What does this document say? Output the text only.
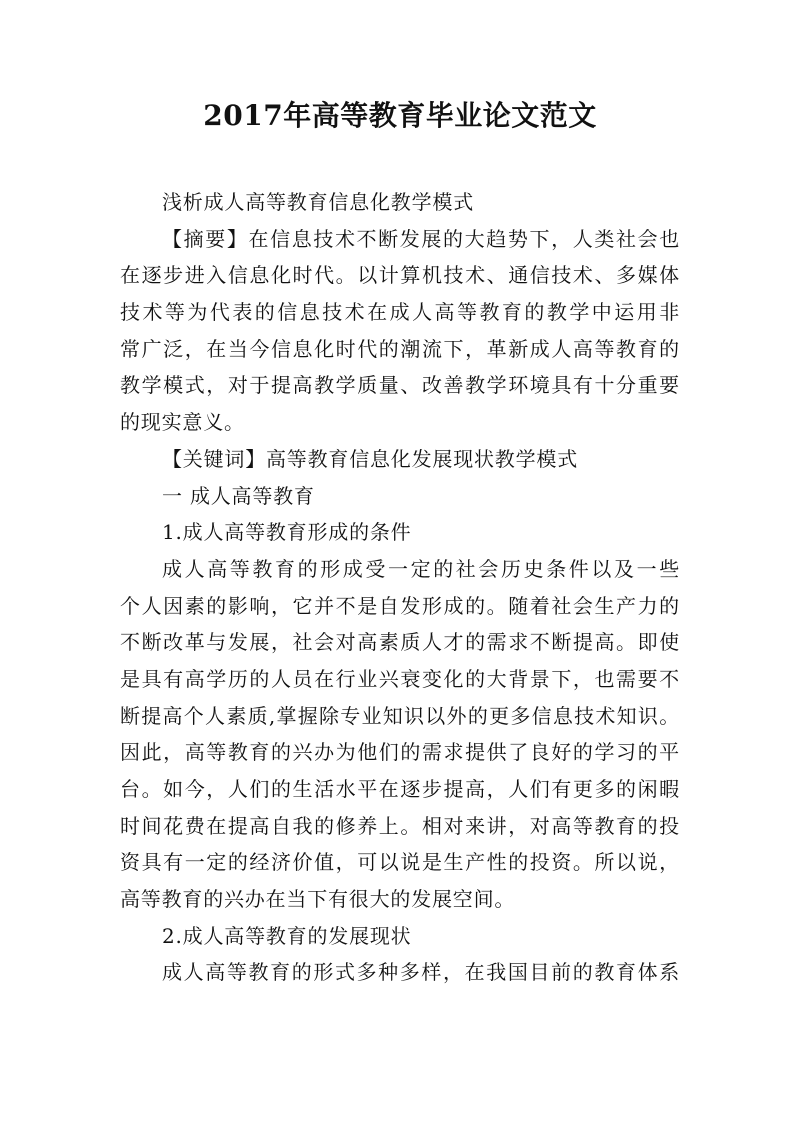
2017年高等教育毕业论文范文
浅析成人高等教育信息化教学模式
【摘要】在信息技术不断发展的大趋势下，人类社会也
在逐步进入信息化时代。以计算机技术、通信技术、多媒体
技术等为代表的信息技术在成人高等教育的教学中运用非
常广泛，在当今信息化时代的潮流下，革新成人高等教育的
教学模式，对于提高教学质量、改善教学环境具有十分重要
的现实意义。
【关键词】高等教育信息化发展现状教学模式
一 成人高等教育
1.成人高等教育形成的条件
成人高等教育的形成受一定的社会历史条件以及一些
个人因素的影响，它并不是自发形成的。随着社会生产力的
不断改革与发展，社会对高素质人才的需求不断提高。即使
是具有高学历的人员在行业兴衰变化的大背景下，也需要不
断提高个人素质,掌握除专业知识以外的更多信息技术知识。
因此，高等教育的兴办为他们的需求提供了良好的学习的平
台。如今，人们的生活水平在逐步提高，人们有更多的闲暇
时间花费在提高自我的修养上。相对来讲，对高等教育的投
资具有一定的经济价值，可以说是生产性的投资。所以说，
高等教育的兴办在当下有很大的发展空间。
2.成人高等教育的发展现状
成人高等教育的形式多种多样，在我国目前的教育体系
